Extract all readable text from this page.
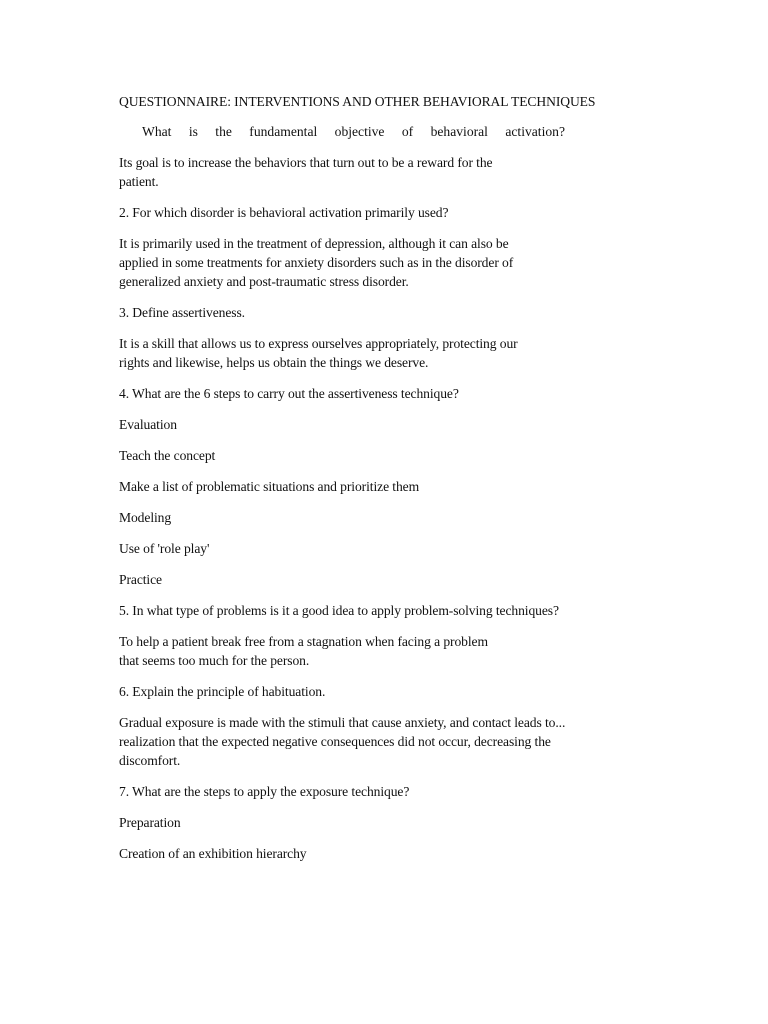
QUESTIONNAIRE: INTERVENTIONS AND OTHER BEHAVIORAL TECHNIQUES
What is the fundamental objective of behavioral activation?

Its goal is to increase the behaviors that turn out to be a reward for the
patient.

2. For which disorder is behavioral activation primarily used?

It is primarily used in the treatment of depression, although it can also be
applied in some treatments for anxiety disorders such as in the disorder of
generalized anxiety and post-traumatic stress disorder.

3. Define assertiveness.

It is a skill that allows us to express ourselves appropriately, protecting our
rights and likewise, helps us obtain the things we deserve.

4. What are the 6 steps to carry out the assertiveness technique?

Evaluation

Teach the concept

Make a list of problematic situations and prioritize them

Modeling

Use of 'role play'

Practice

5. In what type of problems is it a good idea to apply problem-solving techniques?

To help a patient break free from a stagnation when facing a problem
that seems too much for the person.

6. Explain the principle of habituation.

Gradual exposure is made with the stimuli that cause anxiety, and contact leads to...
realization that the expected negative consequences did not occur, decreasing the
discomfort.

7. What are the steps to apply the exposure technique?

Preparation

Creation of an exhibition hierarchy
